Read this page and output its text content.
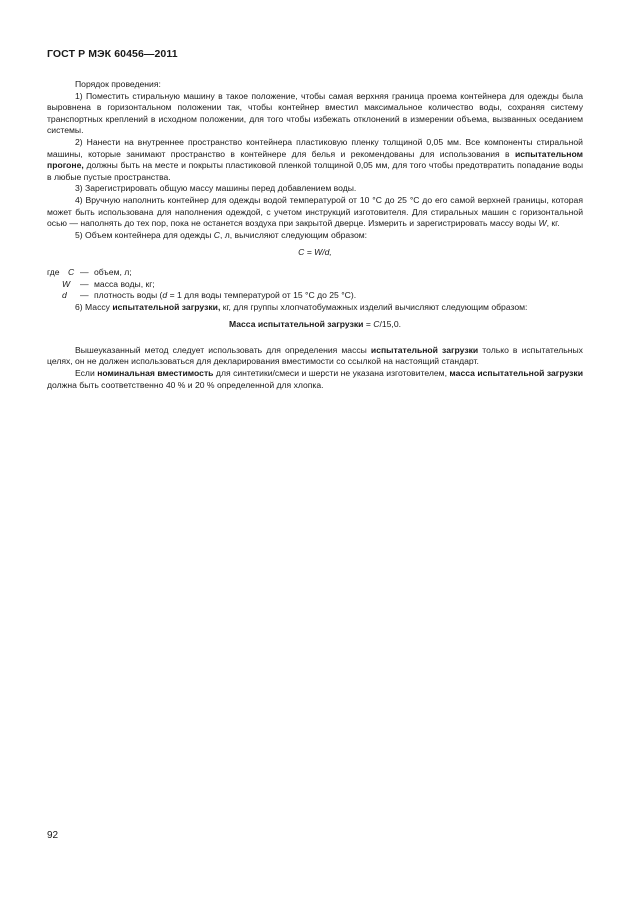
ГОСТ Р МЭК 60456—2011

Порядок проведения:

1) Поместить стиральную машину в такое положение, чтобы самая верхняя граница проема контейнера для одежды была выровнена в горизонтальном положении так, чтобы контейнер вместил максимальное количество воды, сохраняя систему транспортных креплений в исходном положении, для того чтобы избежать отклонений в измерении объема, вызванных оседанием системы.

2) Нанести на внутреннее пространство контейнера пластиковую пленку толщиной 0,05 мм. Все компоненты стиральной машины, которые занимают пространство в контейнере для белья и рекомендованы для использования в испытательном прогоне, должны быть на месте и покрыты пластиковой пленкой толщиной 0,05 мм, для того чтобы предотвратить попадание воды в любые пустые пространства.

3) Зарегистрировать общую массу машины перед добавлением воды.

4) Вручную наполнить контейнер для одежды водой температурой от 10 °С до 25 °С до его самой верхней границы, которая может быть использована для наполнения одеждой, с учетом инструкций изготовителя. Для стиральных машин с горизонтальной осью — наполнять до тех пор, пока не останется воздуха при закрытой дверце. Измерить и зарегистрировать массу воды W, кг.

5) Объем контейнера для одежды С, л, вычисляют следующим образом:

C = W/d,

где С — объем, л;
W	— масса воды, кг;
d	— плотность воды (d = 1 для воды температурой от 15 °С до 25 °С).

6) Массу испытательной загрузки, кг, для группы хлопчатобумажных изделий вычисляют следующим образом:

Масса испытательной загрузки = С/15,0.

Вышеуказанный метод следует использовать для определения массы испытательной загрузки только в испытательных целях, он не должен использоваться для декларирования вместимости со ссылкой на настоящий стандарт.

Если номинальная вместимость для синтетики/смеси и шерсти не указана изготовителем, масса испытательной загрузки должна быть соответственно 40 % и 20 % определенной для хлопка.

92
